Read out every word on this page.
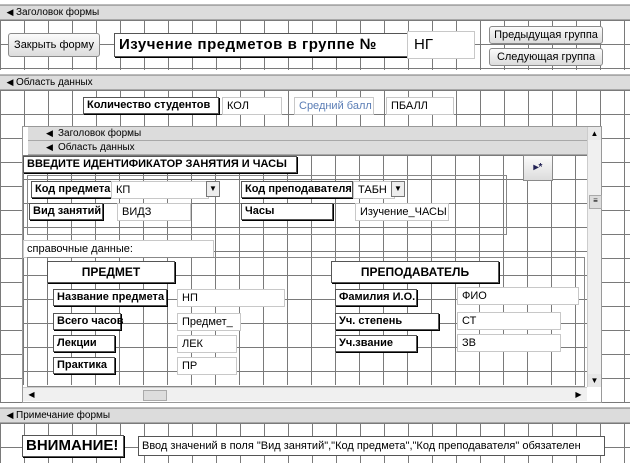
◀ Заголовок формы
Закрыть форму	Изучение предметов в группе №	НГ
Предыдущая группа
Следующая группа
◀ Область данных
Количество студентов	КОЛ	Средний балл	ПБАЛЛ
◀ Заголовок формы
◀ Область данных
ВВЕДИТЕ ИДЕНТИФИКАТОР ЗАНЯТИЯ И ЧАСЫ	▸*
Код предмета КП	▼	Код преподавателя ТАБН ▼
Вид занятий	ВИДЗ	Часы	Изучение_ЧАСЫ
справочные данные:
ПРЕДМЕТ	ПРЕПОДАВАТЕЛЬ
Название предмета	НП
Всего часов	Предмет_
Лекции	ЛЕК
Практика	ПР
Фамилия И.О.	ФИО
Уч. степень	СТ
Уч.звание	ЗВ
▲
≡
▼
◀	▶
◀ Примечание формы
ВНИМАНИЕ!	Ввод значений в поля "Вид занятий","Код предмета","Код преподавателя" обязателен
